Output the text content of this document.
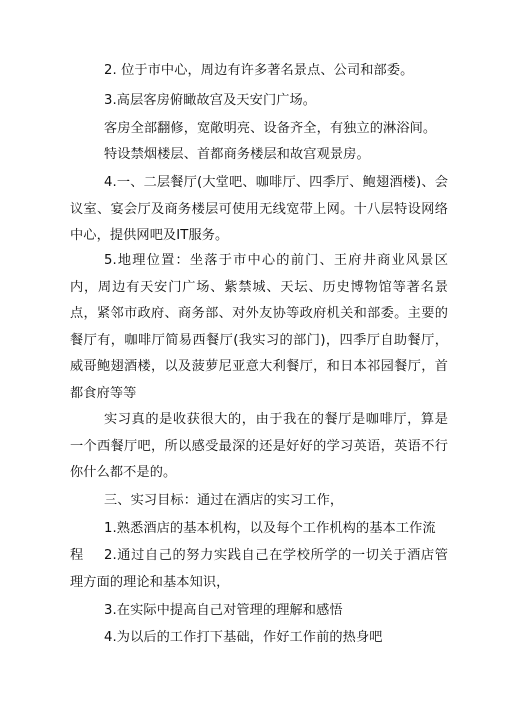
2. 位于市中心，周边有许多著名景点、公司和部委。

3.高层客房俯瞰故宫及天安门广场。

客房全部翻修，宽敞明亮、设备齐全，有独立的淋浴间。

特设禁烟楼层、首都商务楼层和故宫观景房。

4.一、二层餐厅(大堂吧、咖啡厅、四季厅、鲍翅酒楼)、会议室、宴会厅及商务楼层可使用无线宽带上网。十八层特设网络中心，提供网吧及IT服务。

5.地理位置：坐落于市中心的前门、王府井商业风景区内，周边有天安门广场、紫禁城、天坛、历史博物馆等著名景点，紧邻市政府、商务部、对外友协等政府机关和部委。主要的餐厅有，咖啡厅简易西餐厅(我实习的部门)，四季厅自助餐厅，威哥鲍翅酒楼，以及菠萝尼亚意大利餐厅，和日本祁园餐厅，首都食府等等

实习真的是收获很大的，由于我在的餐厅是咖啡厅，算是一个西餐厅吧，所以感受最深的还是好好的学习英语，英语不行你什么都不是的。

三、实习目标：通过在酒店的实习工作，

1.熟悉酒店的基本机构，以及每个工作机构的基本工作流程	2.通过自己的努力实践自己在学校所学的一切关于酒店管理方面的理论和基本知识，

3.在实际中提高自己对管理的理解和感悟

4.为以后的工作打下基础，作好工作前的热身吧
